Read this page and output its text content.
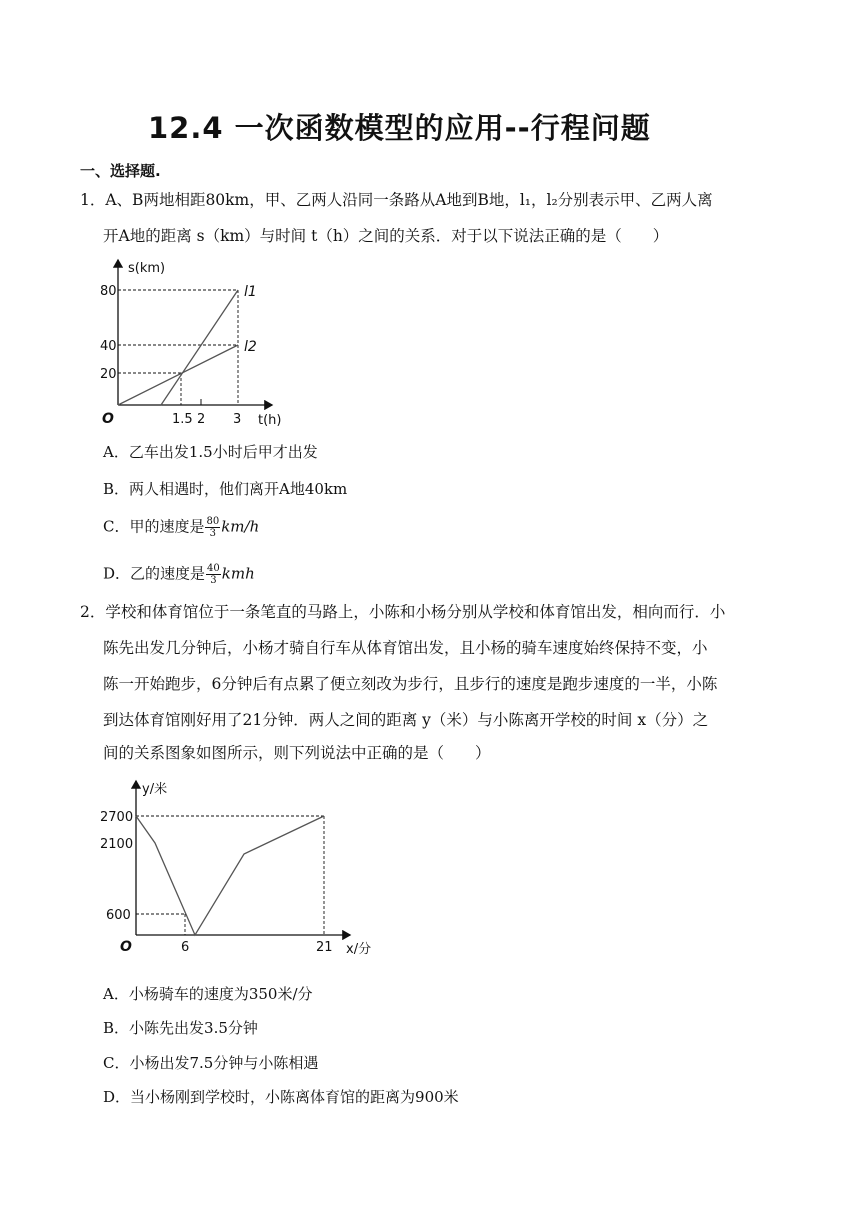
12.4 一次函数模型的应用--行程问题
一、选择题.
1．A、B两地相距80km，甲、乙两人沿同一条路从A地到B地，l₁，l₂分别表示甲、乙两人离
开A地的距离 s（km）与时间 t（h）之间的关系．对于以下说法正确的是（　　）
s(km)
t(h)
O
80
40
20
1.5 2 3
l1
l2
A．乙车出发1.5小时后甲才出发
B．两人相遇时，他们离开A地40km
C．甲的速度是 $\frac{80}{3} km/h$
D．乙的速度是 $\frac{40}{3}$ kmh
2．学校和体育馆位于一条笔直的马路上，小陈和小杨分别从学校和体育馆出发，相向而行．小
陈先出发几分钟后，小杨才骑自行车从体育馆出发，且小杨的骑车速度始终保持不变，小
陈一开始跑步，6分钟后有点累了便立刻改为步行，且步行的速度是跑步速度的一半，小陈
到达体育馆刚好用了21分钟．两人之间的距离 y（米）与小陈离开学校的时间 x（分）之
间的关系图象如图所示，则下列说法中正确的是（　　）
y/米
x/分
O
2700
2100
600
6	21
A．小杨骑车的速度为350米/分
B．小陈先出发3.5分钟
C．小杨出发7.5分钟与小陈相遇
D．当小杨刚到学校时，小陈离体育馆的距离为900米
